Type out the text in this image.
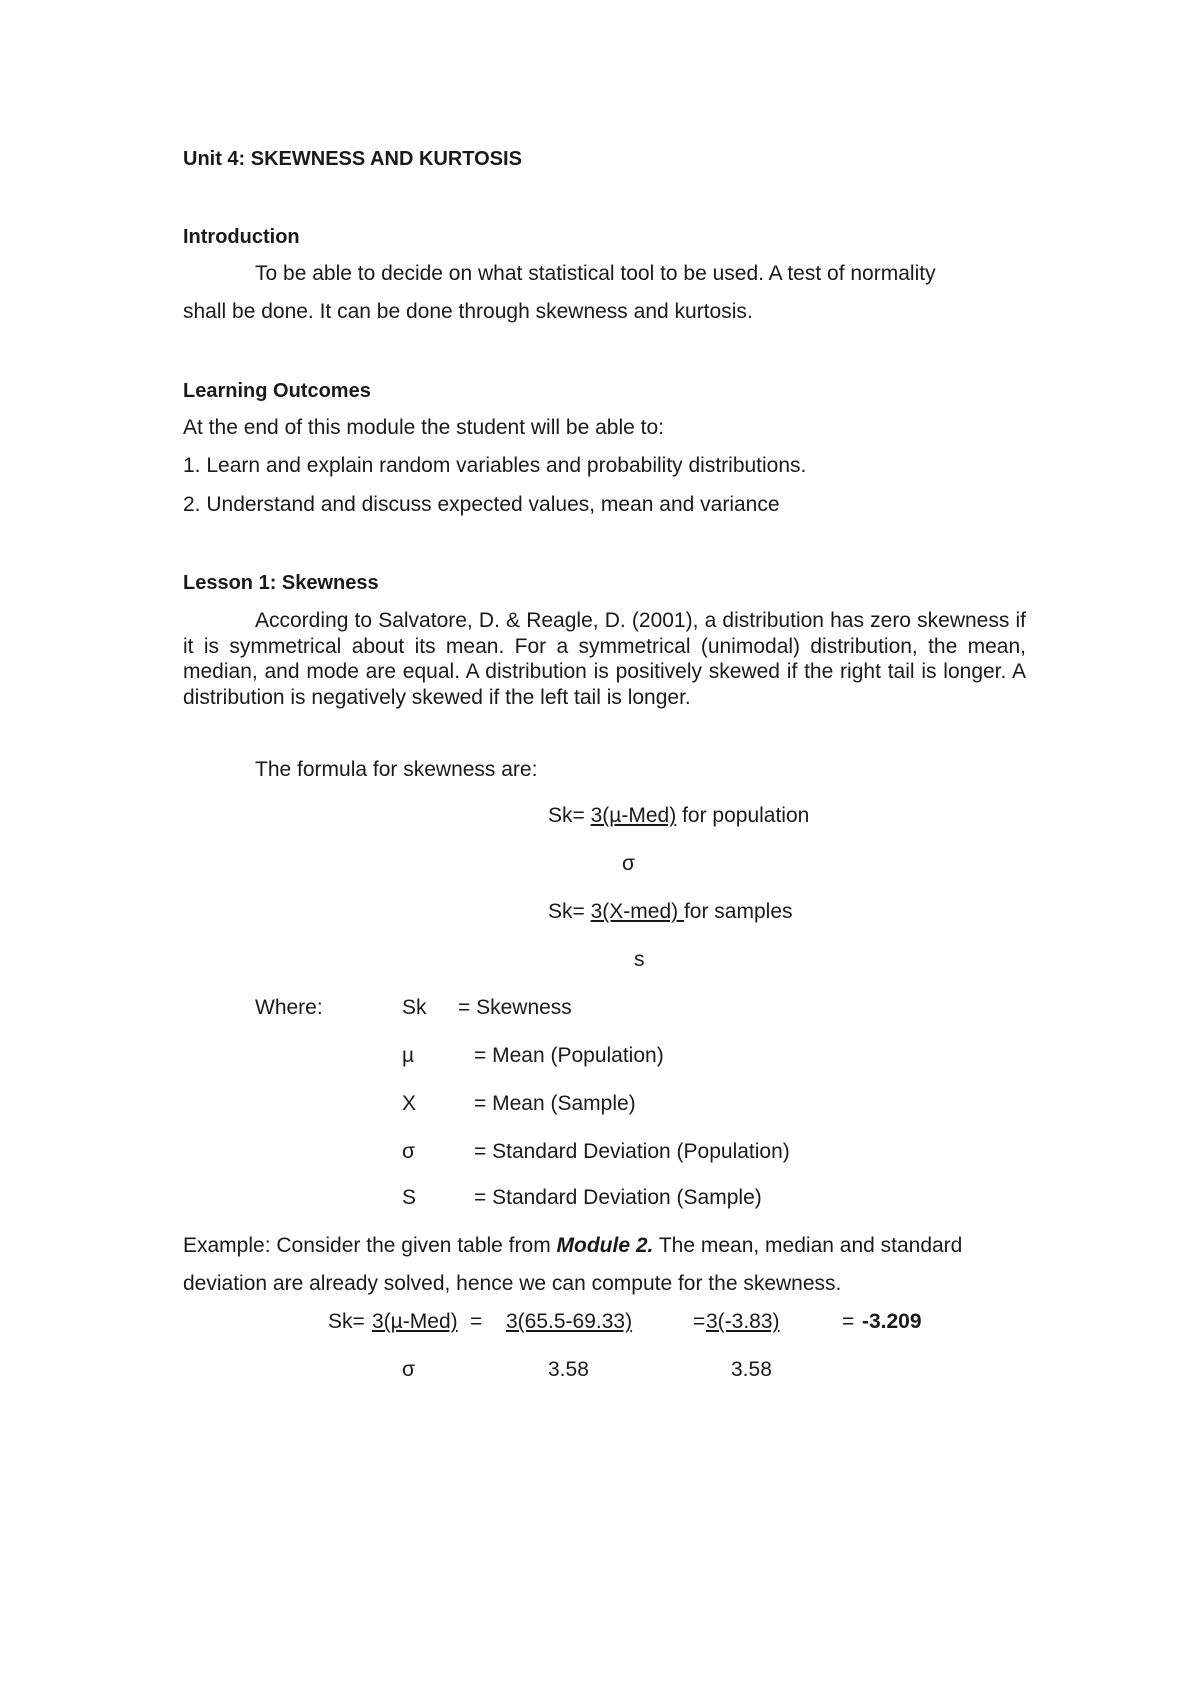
Unit 4: SKEWNESS AND KURTOSIS

Introduction

To be able to decide on what statistical tool to be used. A test of normality

shall be done. It can be done through skewness and kurtosis.

Learning Outcomes

At the end of this module the student will be able to:

1. Learn and explain random variables and probability distributions.

2. Understand and discuss expected values, mean and variance

Lesson 1: Skewness

According to Salvatore, D. & Reagle, D. (2001), a distribution has zero skewness if it is symmetrical about its mean. For a symmetrical (unimodal) distribution, the mean, median, and mode are equal. A distribution is positively skewed if the right tail is longer. A distribution is negatively skewed if the left tail is longer.

The formula for skewness are:

Sk= 3(µ-Med) for population

σ

Sk= 3(X-med) for samples

s

Where:	Sk = Skewness

µ	= Mean (Population)

X	= Mean (Sample)

σ	= Standard Deviation (Population)

S	= Standard Deviation (Sample)

Example: Consider the given table from Module 2. The mean, median and standard

deviation are already solved, hence we can compute for the skewness.

Sk= 3(µ-Med) = 3(65.5-69.33)	= 3(-3.83)	= -3.209

σ	3.58	3.58
